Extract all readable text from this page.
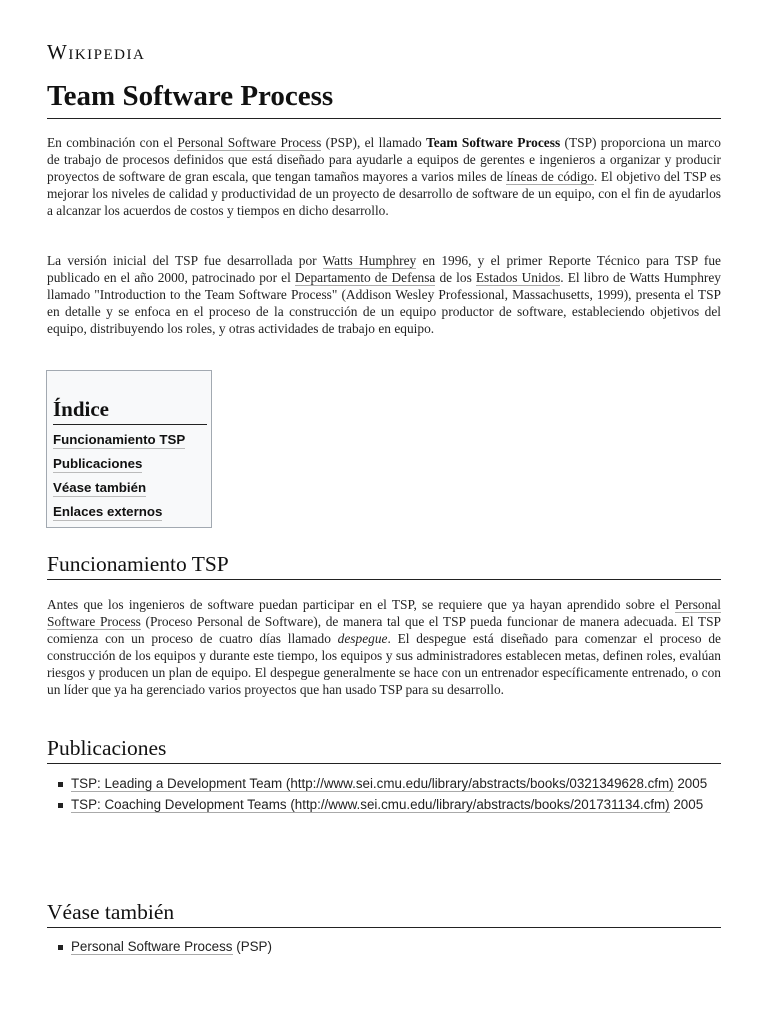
Wikipedia
Team Software Process

En combinación con el Personal Software Process (PSP), el llamado Team Software Process (TSP) proporciona un marco de trabajo de procesos definidos que está diseñado para ayudarle a equipos de gerentes e ingenieros a organizar y producir proyectos de software de gran escala, que tengan tamaños mayores a varios miles de líneas de código. El objetivo del TSP es mejorar los niveles de calidad y productividad de un proyecto de desarrollo de software de un equipo, con el fin de ayudarlos a alcanzar los acuerdos de costos y tiempos en dicho desarrollo.

La versión inicial del TSP fue desarrollada por Watts Humphrey en 1996, y el primer Reporte Técnico para TSP fue publicado en el año 2000, patrocinado por el Departamento de Defensa de los Estados Unidos. El libro de Watts Humphrey llamado "Introduction to the Team Software Process" (Addison Wesley Professional, Massachusetts, 1999), presenta el TSP en detalle y se enfoca en el proceso de la construcción de un equipo productor de software, estableciendo objetivos del equipo, distribuyendo los roles, y otras actividades de trabajo en equipo.

Índice
Funcionamiento TSP
Publicaciones
Véase también
Enlaces externos
Funcionamiento TSP

Antes que los ingenieros de software puedan participar en el TSP, se requiere que ya hayan aprendido sobre el Personal Software Process (Proceso Personal de Software), de manera tal que el TSP pueda funcionar de manera adecuada. El TSP comienza con un proceso de cuatro días llamado despegue. El despegue está diseñado para comenzar el proceso de construcción de los equipos y durante este tiempo, los equipos y sus administradores establecen metas, definen roles, evalúan riesgos y producen un plan de equipo. El despegue generalmente se hace con un entrenador específicamente entrenado, o con un líder que ya ha gerenciado varios proyectos que han usado TSP para su desarrollo.

Publicaciones
TSP: Leading a Development Team (http://www.sei.cmu.edu/library/abstracts/books/0321349628.cfm) 2005
TSP: Coaching Development Teams (http://www.sei.cmu.edu/library/abstracts/books/201731134.cfm) 2005
Véase también
Personal Software Process (PSP)
